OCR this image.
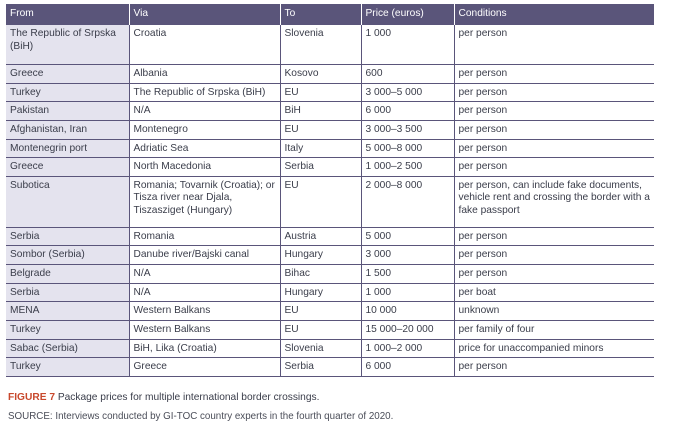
From	Via	To	Price (euros)	Conditions
The Republic of Srpska (BiH)	Croatia	Slovenia	1 000	per person
Greece	Albania	Kosovo	600	per person
Turkey	The Republic of Srpska (BiH)	EU	3 000–5 000	per person
Pakistan	N/A	BiH	6 000	per person
Afghanistan, Iran	Montenegro	EU	3 000–3 500	per person
Montenegrin port	Adriatic Sea	Italy	5 000–8 000	per person
Greece	North Macedonia	Serbia	1 000–2 500	per person
Subotica	Romania; Tovarnik (Croatia); or Tisza river near Djala, Tiszasziget (Hungary)	EU	2 000–8 000	per person, can include fake documents, vehicle rent and crossing the border with a fake passport
Serbia	Romania	Austria	5 000	per person
Sombor (Serbia)	Danube river/Bajski canal	Hungary	3 000	per person
Belgrade	N/A	Bihac	1 500	per person
Serbia	N/A	Hungary	1 000	per boat
MENA	Western Balkans	EU	10 000	unknown
Turkey	Western Balkans	EU	15 000–20 000	per family of four
Sabac (Serbia)	BiH, Lika (Croatia)	Slovenia	1 000–2 000	price for unaccompanied minors
Turkey	Greece	Serbia	6 000	per person
FIGURE 7 Package prices for multiple international border crossings.
SOURCE: Interviews conducted by GI-TOC country experts in the fourth quarter of 2020.
